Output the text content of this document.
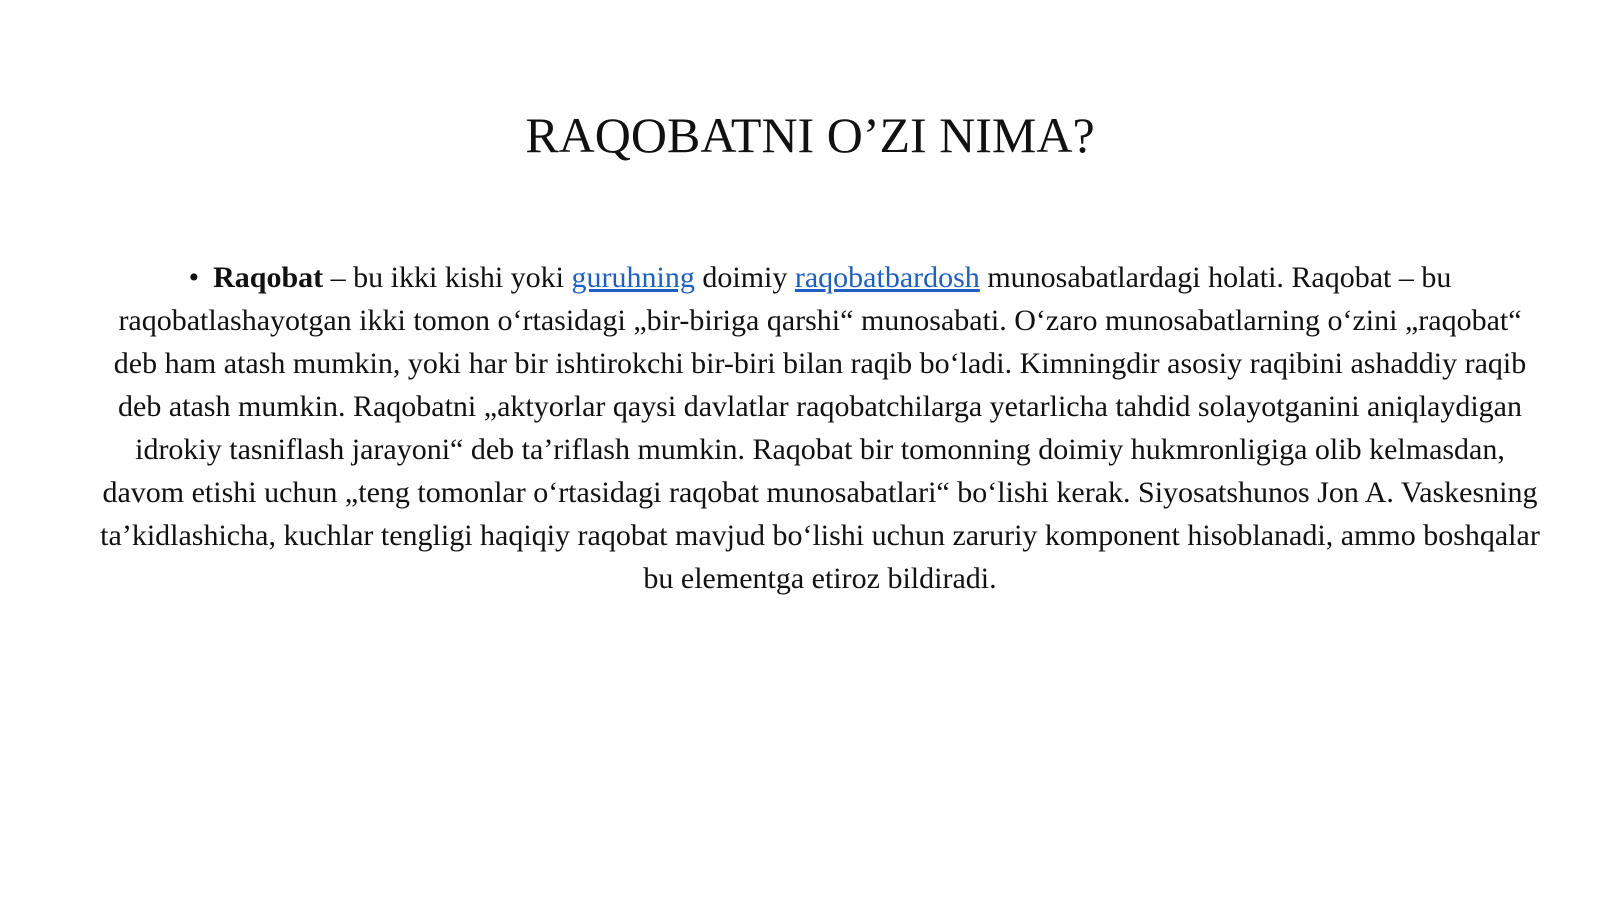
RAQOBATNI O’ZI NIMA?

• Raqobat – bu ikki kishi yoki guruhning doimiy raqobatbardosh munosabatlardagi holati. Raqobat – bu raqobatlashayotgan ikki tomon oʻrtasidagi „bir-biriga qarshi“ munosabati. Oʻzaro munosabatlarning oʻzini „raqobat“ deb ham atash mumkin, yoki har bir ishtirokchi bir-biri bilan raqib boʻladi. Kimningdir asosiy raqibini ashaddiy raqib deb atash mumkin. Raqobatni „aktyorlar qaysi davlatlar raqobatchilarga yetarlicha tahdid solayotganini aniqlaydigan idrokiy tasniflash jarayoni“ deb ta’riflash mumkin. Raqobat bir tomonning doimiy hukmronligiga olib kelmasdan, davom etishi uchun „teng tomonlar oʻrtasidagi raqobat munosabatlari“ boʻlishi kerak. Siyosatshunos Jon A. Vaskesning ta’kidlashicha, kuchlar tengligi haqiqiy raqobat mavjud boʻlishi uchun zaruriy komponent hisoblanadi, ammo boshqalar bu elementga etiroz bildiradi.
